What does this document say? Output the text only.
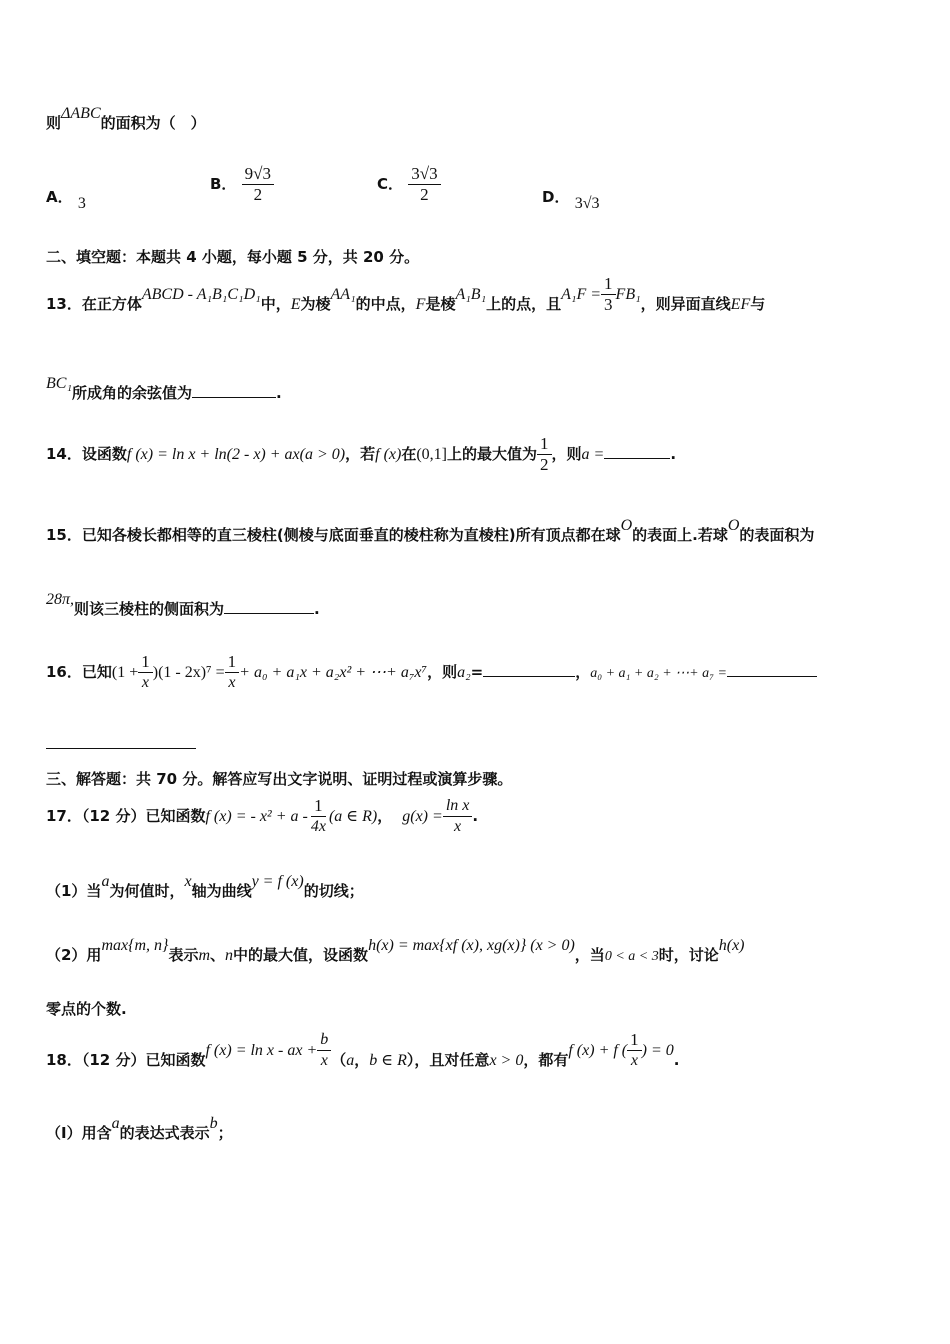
则ΔABC的面积为（　）
A． 3
B． $\frac{9√3}{2}$	C． $\frac{3√3}{2}$	D． 3√3
二、填空题：本题共 4 小题，每小题 5 分，共 20 分。
13．在正方体ABCD - A₁B₁C₁D₁中，E为棱AA₁的中点，F是棱A₁B₁上的点，且$A_1F = \frac{1}{3} FB_1$，则异面直线EF与
BC₁所成角的余弦值为	.
14．设函数f (x) = ln x + ln(2 - x) + ax(a > 0)，若f (x)在(0,1]上的最大值为 $\frac{1}{2}$ ，则a =	.
15．已知各棱长都相等的直三棱柱(侧棱与底面垂直的棱柱称为直棱柱)所有顶点都在球O的表面上.若球O的表面积为
28π,则该三棱柱的侧面积为	.
16．已知$(1 + \frac{1}{x} )(1 - 2x)^7 = \frac{1}{x} + a_0 + a_1x + a_2x^2$ + ⋯+ a₇x⁷，则a₂=	，a₀ + a₁ + a₂ + ⋯+ a₇ =
三、解答题：共 70 分。解答应写出文字说明、证明过程或演算步骤。
17．（12 分）已知函数f (x) = - $x^2 + a - \frac{1}{4x} (a$ ∈ R)， $g(x) = \frac{\text{ln x}}{x}$ .
（1）当a为何值时，x轴为曲线y = f (x)的切线；
（2）用max{m, n}表示m、n中的最大值，设函数h(x) = max{xf (x), xg(x)} (x > 0)，当0 < a < 3时，讨论h(x)
零点的个数.
18．（12 分）已知函数f (x) = ln x - ax + $\frac{b}{x} (a$，b ∈ R），且对任意x > 0，都有f (x) + f ( $\frac{1}{x}$ ) = 0.
（Ⅰ）用含a的表达式表示b；
